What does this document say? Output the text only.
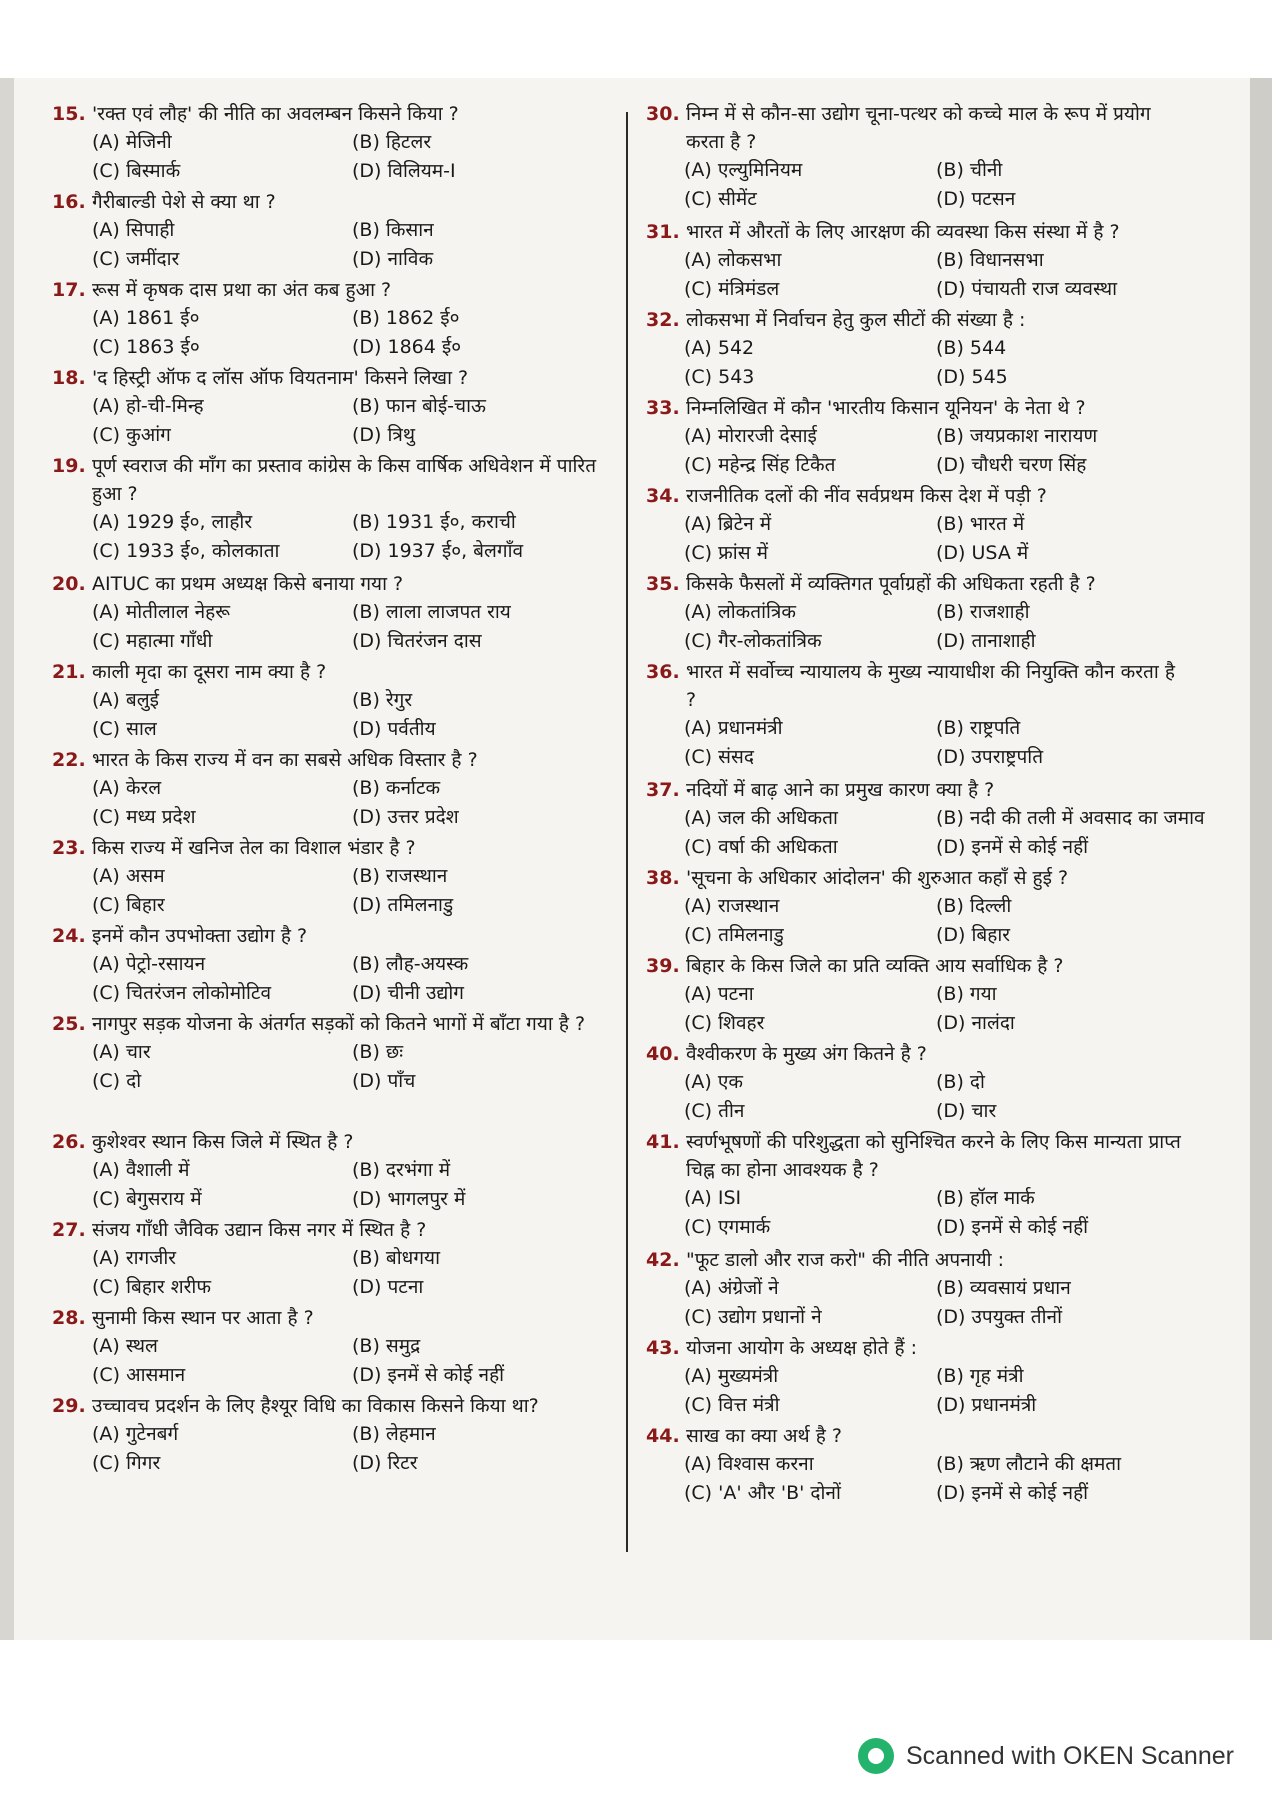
15. 'रक्त एवं लौह' की नीति का अवलम्बन किसने किया ?
(A) मेजिनी	(B) हिटलर
(C) बिस्मार्क	(D) विलियम-I
16. गैरीबाल्डी पेशे से क्या था ?
(A) सिपाही	(B) किसान
(C) जमींदार	(D) नाविक
17. रूस में कृषक दास प्रथा का अंत कब हुआ ?
(A) 1861 ई०	(B) 1862 ई०
(C) 1863 ई०	(D) 1864 ई०
18. 'द हिस्ट्री ऑफ द लॉस ऑफ वियतनाम' किसने लिखा ?
(A) हो-ची-मिन्ह	(B) फान बोई-चाऊ
(C) कुआंग	(D) त्रिथु
19. पूर्ण स्वराज की माँग का प्रस्ताव कांग्रेस के किस वार्षिक अधिवेशन में पारित हुआ ?
(A) 1929 ई०, लाहौर	(B) 1931 ई०, कराची
(C) 1933 ई०, कोलकाता	(D) 1937 ई०, बेलगाँव
20. AITUC का प्रथम अध्यक्ष किसे बनाया गया ?
(A) मोतीलाल नेहरू	(B) लाला लाजपत राय
(C) महात्मा गाँधी	(D) चितरंजन दास
21. काली मृदा का दूसरा नाम क्या है ?
(A) बलुई	(B) रेगुर
(C) साल	(D) पर्वतीय
22. भारत के किस राज्य में वन का सबसे अधिक विस्तार है ?
(A) केरल	(B) कर्नाटक
(C) मध्य प्रदेश	(D) उत्तर प्रदेश
23. किस राज्य में खनिज तेल का विशाल भंडार है ?
(A) असम	(B) राजस्थान
(C) बिहार	(D) तमिलनाडु
24. इनमें कौन उपभोक्ता उद्योग है ?
(A) पेट्रो-रसायन	(B) लौह-अयस्क
(C) चितरंजन लोकोमोटिव	(D) चीनी उद्योग
25. नागपुर सड़क योजना के अंतर्गत सड़कों को कितने भागों में बाँटा गया है ?
(A) चार	(B) छः
(C) दो	(D) पाँच
26. कुशेश्वर स्थान किस जिले में स्थित है ?
(A) वैशाली में	(B) दरभंगा में
(C) बेगुसराय में	(D) भागलपुर में
27. संजय गाँधी जैविक उद्यान किस नगर में स्थित है ?
(A) रागजीर	(B) बोधगया
(C) बिहार शरीफ	(D) पटना
28. सुनामी किस स्थान पर आता है ?
(A) स्थल	(B) समुद्र
(C) आसमान	(D) इनमें से कोई नहीं
29. उच्चावच प्रदर्शन के लिए हैश्यूर विधि का विकास किसने किया था?
(A) गुटेनबर्ग	(B) लेहमान
(C) गिगर	(D) रिटर
30. निम्न में से कौन-सा उद्योग चूना-पत्थर को कच्चे माल के रूप में प्रयोग करता है ?
(A) एल्युमिनियम	(B) चीनी
(C) सीमेंट	(D) पटसन
31. भारत में औरतों के लिए आरक्षण की व्यवस्था किस संस्था में है ?
(A) लोकसभा	(B) विधानसभा
(C) मंत्रिमंडल	(D) पंचायती राज व्यवस्था
32. लोकसभा में निर्वाचन हेतु कुल सीटों की संख्या है :
(A) 542	(B) 544
(C) 543	(D) 545
33. निम्नलिखित में कौन 'भारतीय किसान यूनियन' के नेता थे ?
(A) मोरारजी देसाई	(B) जयप्रकाश नारायण
(C) महेन्द्र सिंह टिकैत	(D) चौधरी चरण सिंह
34. राजनीतिक दलों की नींव सर्वप्रथम किस देश में पड़ी ?
(A) ब्रिटेन में	(B) भारत में
(C) फ्रांस में	(D) USA में
35. किसके फैसलों में व्यक्तिगत पूर्वाग्रहों की अधिकता रहती है ?
(A) लोकतांत्रिक	(B) राजशाही
(C) गैर-लोकतांत्रिक	(D) तानाशाही
36. भारत में सर्वोच्च न्यायालय के मुख्य न्यायाधीश की नियुक्ति कौन करता है ?
(A) प्रधानमंत्री	(B) राष्ट्रपति
(C) संसद	(D) उपराष्ट्रपति
37. नदियों में बाढ़ आने का प्रमुख कारण क्या है ?
(A) जल की अधिकता	(B) नदी की तली में अवसाद का जमाव
(C) वर्षा की अधिकता	(D) इनमें से कोई नहीं
38. 'सूचना के अधिकार आंदोलन' की शुरुआत कहाँ से हुई ?
(A) राजस्थान	(B) दिल्ली
(C) तमिलनाडु	(D) बिहार
39. बिहार के किस जिले का प्रति व्यक्ति आय सर्वाधिक है ?
(A) पटना	(B) गया
(C) शिवहर	(D) नालंदा
40. वैश्वीकरण के मुख्य अंग कितने है ?
(A) एक	(B) दो
(C) तीन	(D) चार
41. स्वर्णभूषणों की परिशुद्धता को सुनिश्चित करने के लिए किस मान्यता प्राप्त चिह्न का होना आवश्यक है ?
(A) ISI	(B) हॉल मार्क
(C) एगमार्क	(D) इनमें से कोई नहीं
42. "फूट डालो और राज करो" की नीति अपनायी :
(A) अंग्रेजों ने	(B) व्यवसायं प्रधान
(C) उद्योग प्रधानों ने	(D) उपयुक्त तीनों
43. योजना आयोग के अध्यक्ष होते हैं :
(A) मुख्यमंत्री	(B) गृह मंत्री
(C) वित्त मंत्री	(D) प्रधानमंत्री
44. साख का क्या अर्थ है ?
(A) विश्वास करना	(B) ऋण लौटाने की क्षमता
(C) 'A' और 'B' दोनों	(D) इनमें से कोई नहीं
Scanned with OKEN Scanner
